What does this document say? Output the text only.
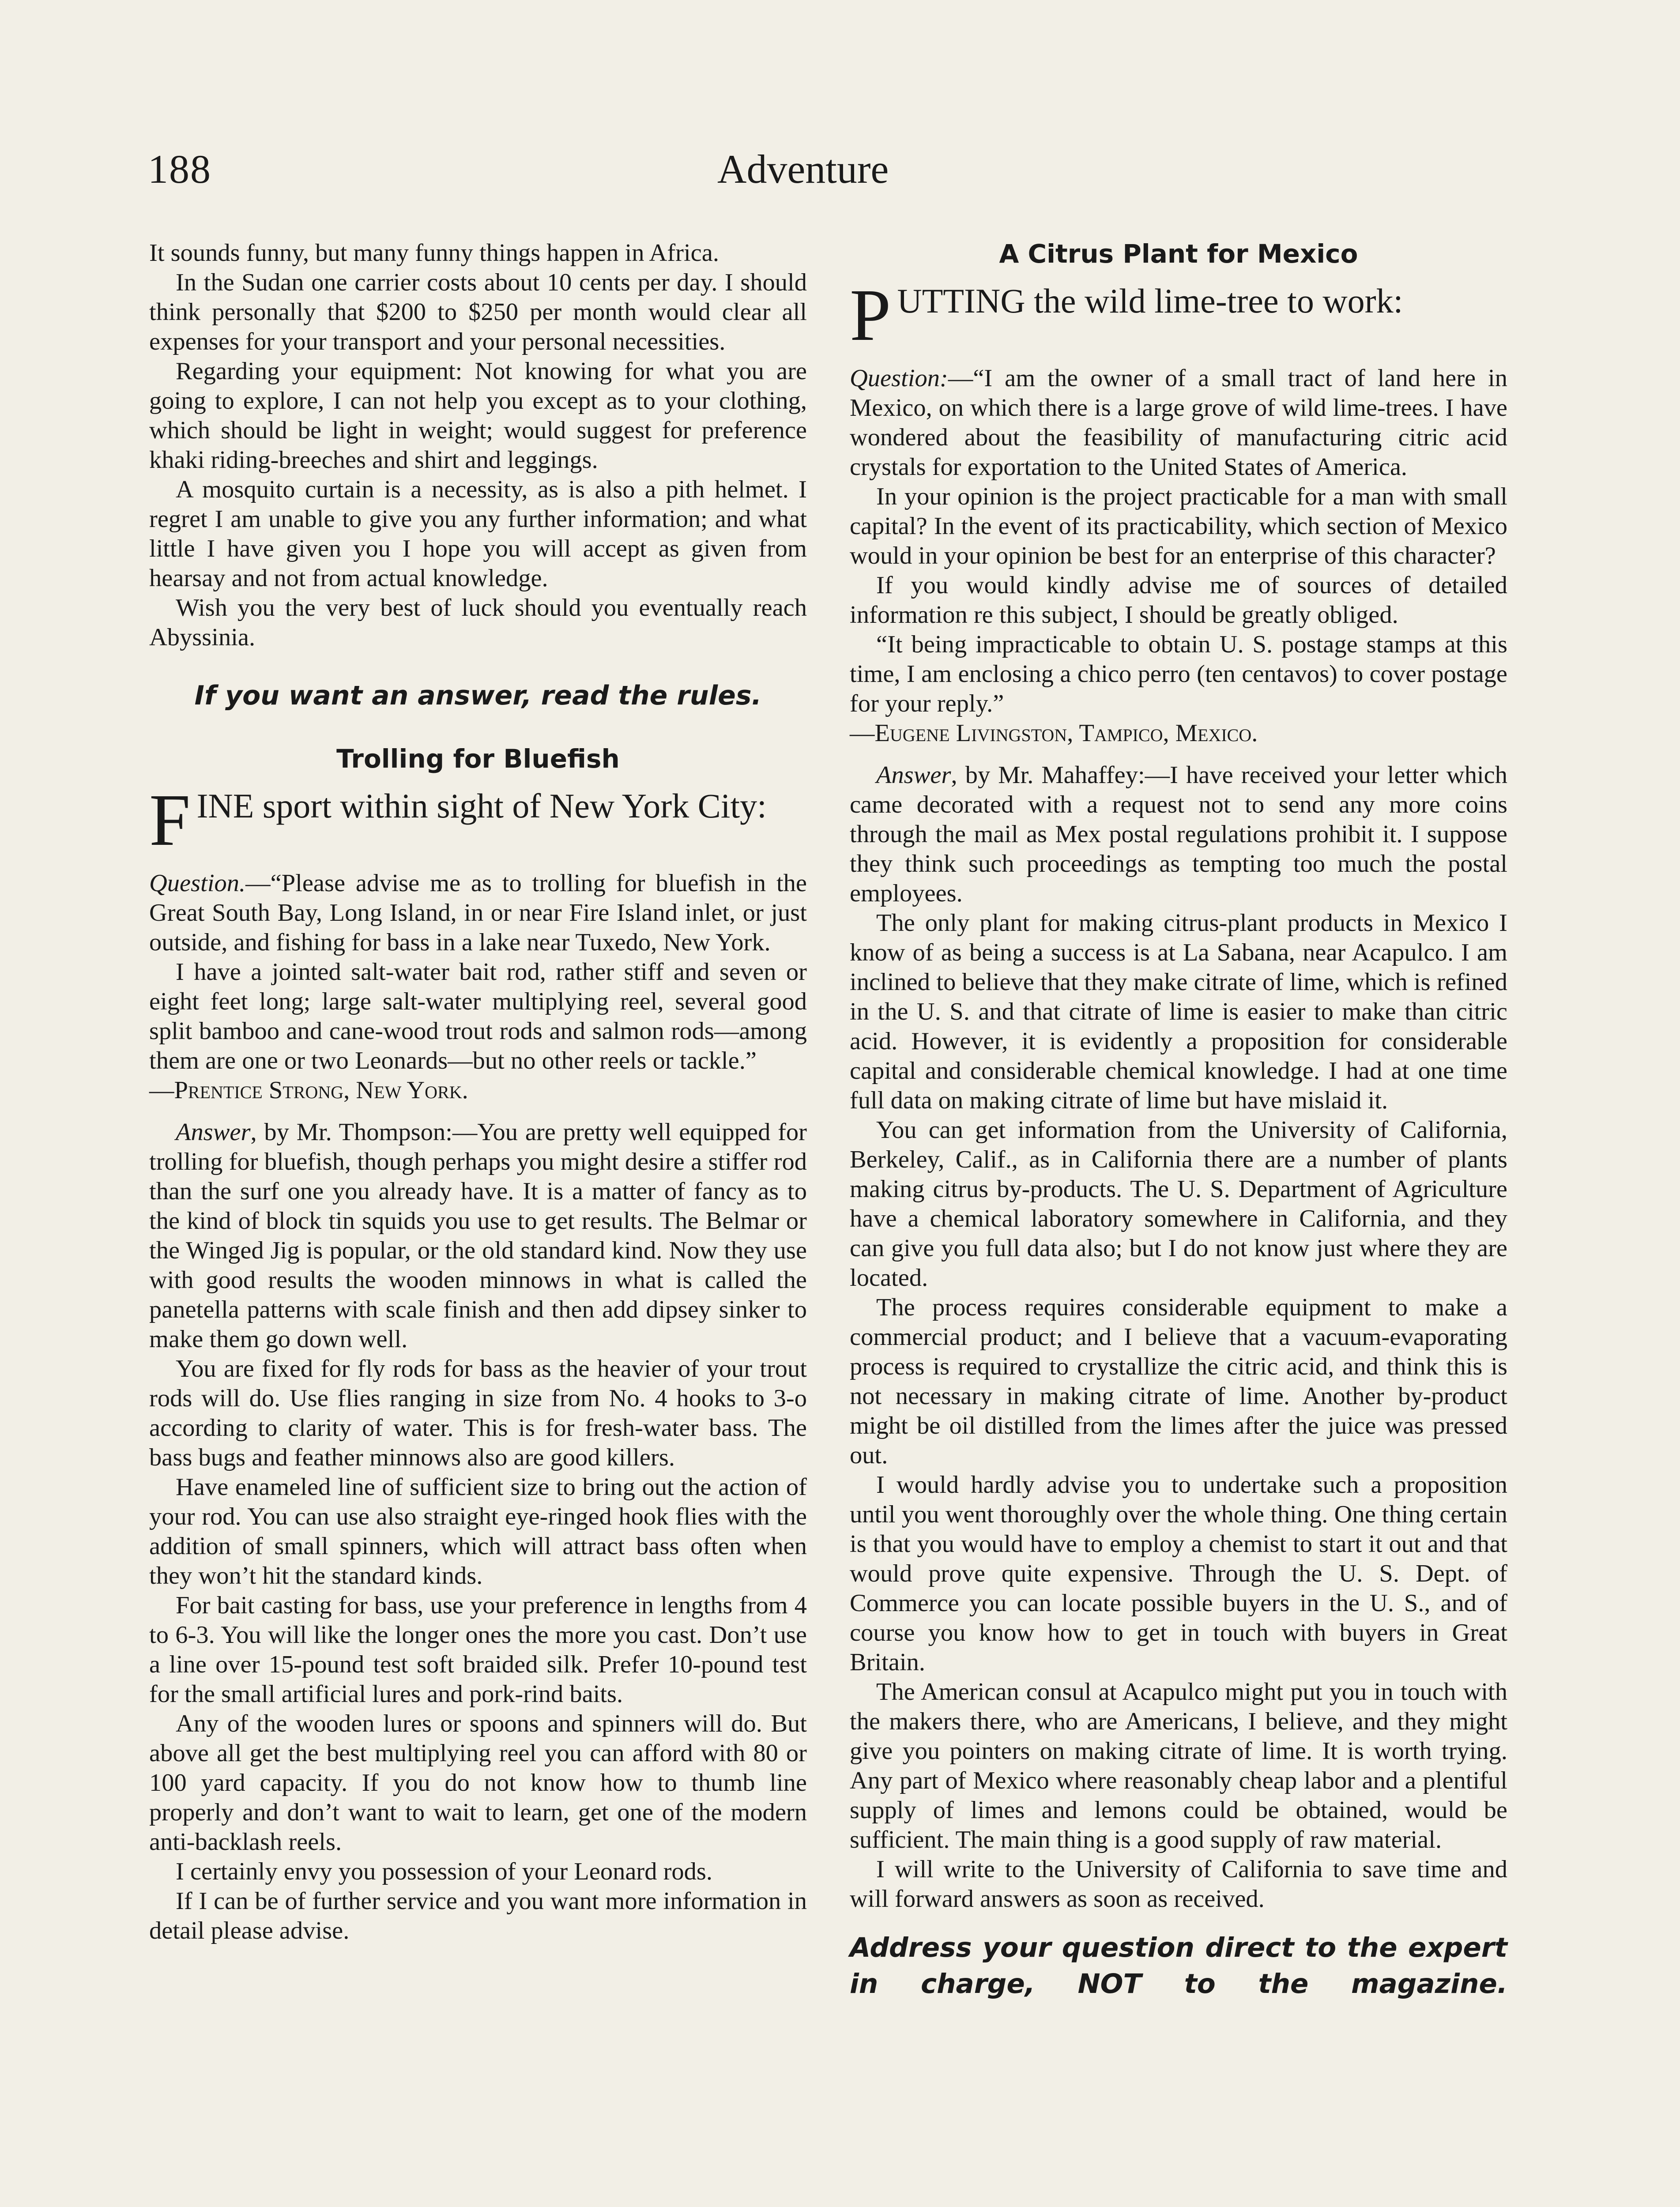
188	Adventure

It sounds funny, but many funny things happen in Africa.

In the Sudan one carrier costs about 10 cents per day. I should think personally that $200 to $250 per month would clear all expenses for your transport and your personal necessities.

Regarding your equipment: Not knowing for what you are going to explore, I can not help you except as to your clothing, which should be light in weight; would suggest for preference khaki riding-breeches and shirt and leggings.

A mosquito curtain is a necessity, as is also a pith helmet. I regret I am unable to give you any further information; and what little I have given you I hope you will accept as given from hearsay and not from actual knowledge.

Wish you the very best of luck should you eventually reach Abyssinia.

If you want an answer, read the rules.
Trolling for Bluefish
F INE sport within sight of New York City:

Question.—“Please advise me as to trolling for bluefish in the Great South Bay, Long Island, in or near Fire Island inlet, or just outside, and fishing for bass in a lake near Tuxedo, New York.

I have a jointed salt-water bait rod, rather stiff and seven or eight feet long; large salt-water multiplying reel, several good split bamboo and cane-wood trout rods and salmon rods—among them are one or two Leonards—but no other reels or tackle.”

—Prentice Strong, New York.

Answer, by Mr. Thompson:—You are pretty well equipped for trolling for bluefish, though perhaps you might desire a stiffer rod than the surf one you already have. It is a matter of fancy as to the kind of block tin squids you use to get results. The Belmar or the Winged Jig is popular, or the old standard kind. Now they use with good results the wooden minnows in what is called the panetella patterns with scale finish and then add dipsey sinker to make them go down well.

You are fixed for fly rods for bass as the heavier of your trout rods will do. Use flies ranging in size from No. 4 hooks to 3-o according to clarity of water. This is for fresh-water bass. The bass bugs and feather minnows also are good killers.

Have enameled line of sufficient size to bring out the action of your rod. You can use also straight eye-ringed hook flies with the addition of small spinners, which will attract bass often when they won’t hit the standard kinds.

For bait casting for bass, use your preference in lengths from 4 to 6-3. You will like the longer ones the more you cast. Don’t use a line over 15-pound test soft braided silk. Prefer 10-pound test for the small artificial lures and pork-rind baits.

Any of the wooden lures or spoons and spinners will do. But above all get the best multiplying reel you can afford with 80 or 100 yard capacity. If you do not know how to thumb line properly and don’t want to wait to learn, get one of the modern anti-backlash reels.

I certainly envy you possession of your Leonard rods.

If I can be of further service and you want more information in detail please advise.

A Citrus Plant for Mexico
P UTTING the wild lime-tree to work:

Question:—“I am the owner of a small tract of land here in Mexico, on which there is a large grove of wild lime-trees. I have wondered about the feasibility of manufacturing citric acid crystals for exportation to the United States of America.

In your opinion is the project practicable for a man with small capital? In the event of its practicability, which section of Mexico would in your opinion be best for an enterprise of this character?

If you would kindly advise me of sources of detailed information re this subject, I should be greatly obliged.

“It being impracticable to obtain U. S. postage stamps at this time, I am enclosing a chico perro (ten centavos) to cover postage for your reply.”

—Eugene Livingston, Tampico, Mexico.

Answer, by Mr. Mahaffey:—I have received your letter which came decorated with a request not to send any more coins through the mail as Mex postal regulations prohibit it. I suppose they think such proceedings as tempting too much the postal employees.

The only plant for making citrus-plant products in Mexico I know of as being a success is at La Sabana, near Acapulco. I am inclined to believe that they make citrate of lime, which is refined in the U. S. and that citrate of lime is easier to make than citric acid. However, it is evidently a proposition for considerable capital and considerable chemical knowledge. I had at one time full data on making citrate of lime but have mislaid it.

You can get information from the University of California, Berkeley, Calif., as in California there are a number of plants making citrus by-products. The U. S. Department of Agriculture have a chemical laboratory somewhere in California, and they can give you full data also; but I do not know just where they are located.

The process requires considerable equipment to make a commercial product; and I believe that a vacuum-evaporating process is required to crystallize the citric acid, and think this is not necessary in making citrate of lime. Another by-product might be oil distilled from the limes after the juice was pressed out.

I would hardly advise you to undertake such a proposition until you went thoroughly over the whole thing. One thing certain is that you would have to employ a chemist to start it out and that would prove quite expensive. Through the U. S. Dept. of Commerce you can locate possible buyers in the U. S., and of course you know how to get in touch with buyers in Great Britain.

The American consul at Acapulco might put you in touch with the makers there, who are Americans, I believe, and they might give you pointers on making citrate of lime. It is worth trying. Any part of Mexico where reasonably cheap labor and a plentiful supply of limes and lemons could be obtained, would be sufficient. The main thing is a good supply of raw material.

I will write to the University of California to save time and will forward answers as soon as received.

Address your question direct to the expert in charge, NOT to the magazine.
